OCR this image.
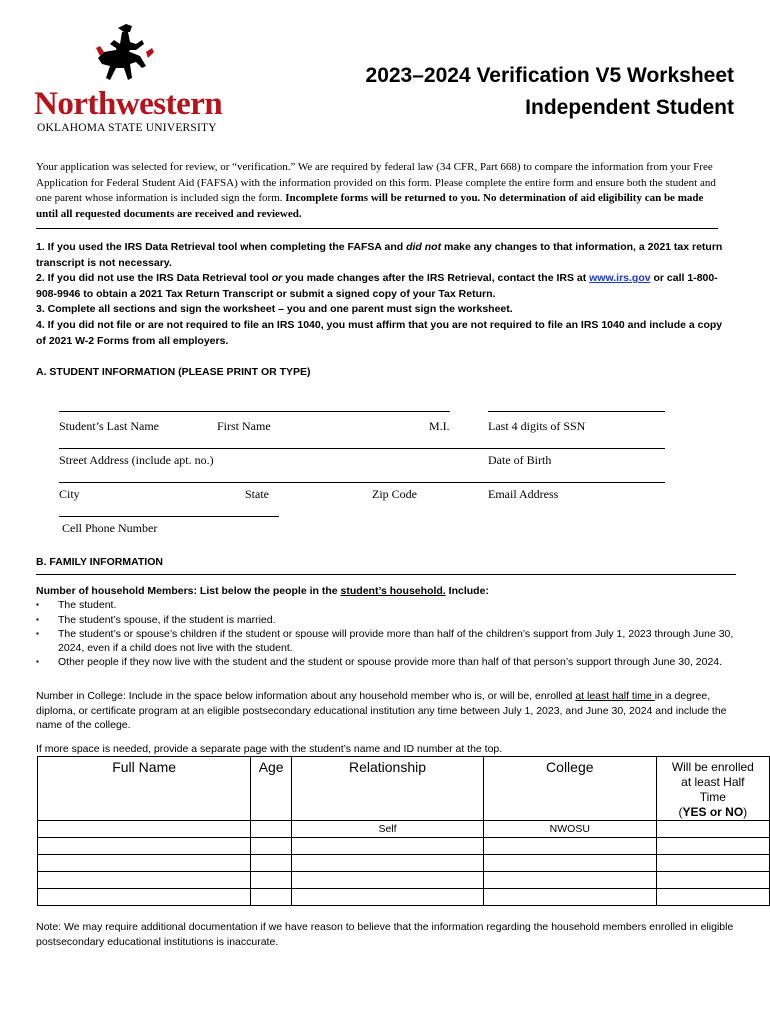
Northwestern
OKLAHOMA STATE UNIVERSITY
2023–2024 Verification V5 Worksheet
Independent Student
Your application was selected for review, or “verification.” We are required by federal law (34 CFR, Part 668) to compare the information from your Free Application for Federal Student Aid (FAFSA) with the information provided on this form. Please complete the entire form and ensure both the student and one parent whose information is included sign the form. Incomplete forms will be returned to you. No determination of aid eligibility can be made until all requested documents are received and reviewed.
1. If you used the IRS Data Retrieval tool when completing the FAFSA and did not make any changes to that information, a 2021 tax return transcript is not necessary.
2. If you did not use the IRS Data Retrieval tool or you made changes after the IRS Retrieval, contact the IRS at www.irs.gov or call 1-800-908-9946 to obtain a 2021 Tax Return Transcript or submit a signed copy of your Tax Return.
3. Complete all sections and sign the worksheet – you and one parent must sign the worksheet.
4. If you did not file or are not required to file an IRS 1040, you must affirm that you are not required to file an IRS 1040 and include a copy of 2021 W-2 Forms from all employers.
A. STUDENT INFORMATION (PLEASE PRINT OR TYPE)
Student’s Last Name	First Name	M.I.	Last 4 digits of SSN
Street Address (include apt. no.)	Date of Birth
City	State	Zip Code	Email Address
Cell Phone Number
B. FAMILY INFORMATION
Number of household Members: List below the people in the student’s household. Include:
▪ The student.
▪ The student’s spouse, if the student is married.
▪ The student’s or spouse’s children if the student or spouse will provide more than half of the children’s support from July 1, 2023 through June 30, 2024, even if a child does not live with the student.
▪ Other people if they now live with the student and the student or spouse provide more than half of that person’s support through June 30, 2024.
Number in College: Include in the space below information about any household member who is, or will be, enrolled at least half time in a degree, diploma, or certificate program at an eligible postsecondary educational institution any time between July 1, 2023, and June 30, 2024 and include the name of the college.
If more space is needed, provide a separate page with the student’s name and ID number at the top.
Full Name	Age	Relationship	College	Will be enrolled
at least Half
Time
(YES or NO)

		Self	NWOSU	

Note: We may require additional documentation if we have reason to believe that the information regarding the household members enrolled in eligible postsecondary educational institutions is inaccurate.
